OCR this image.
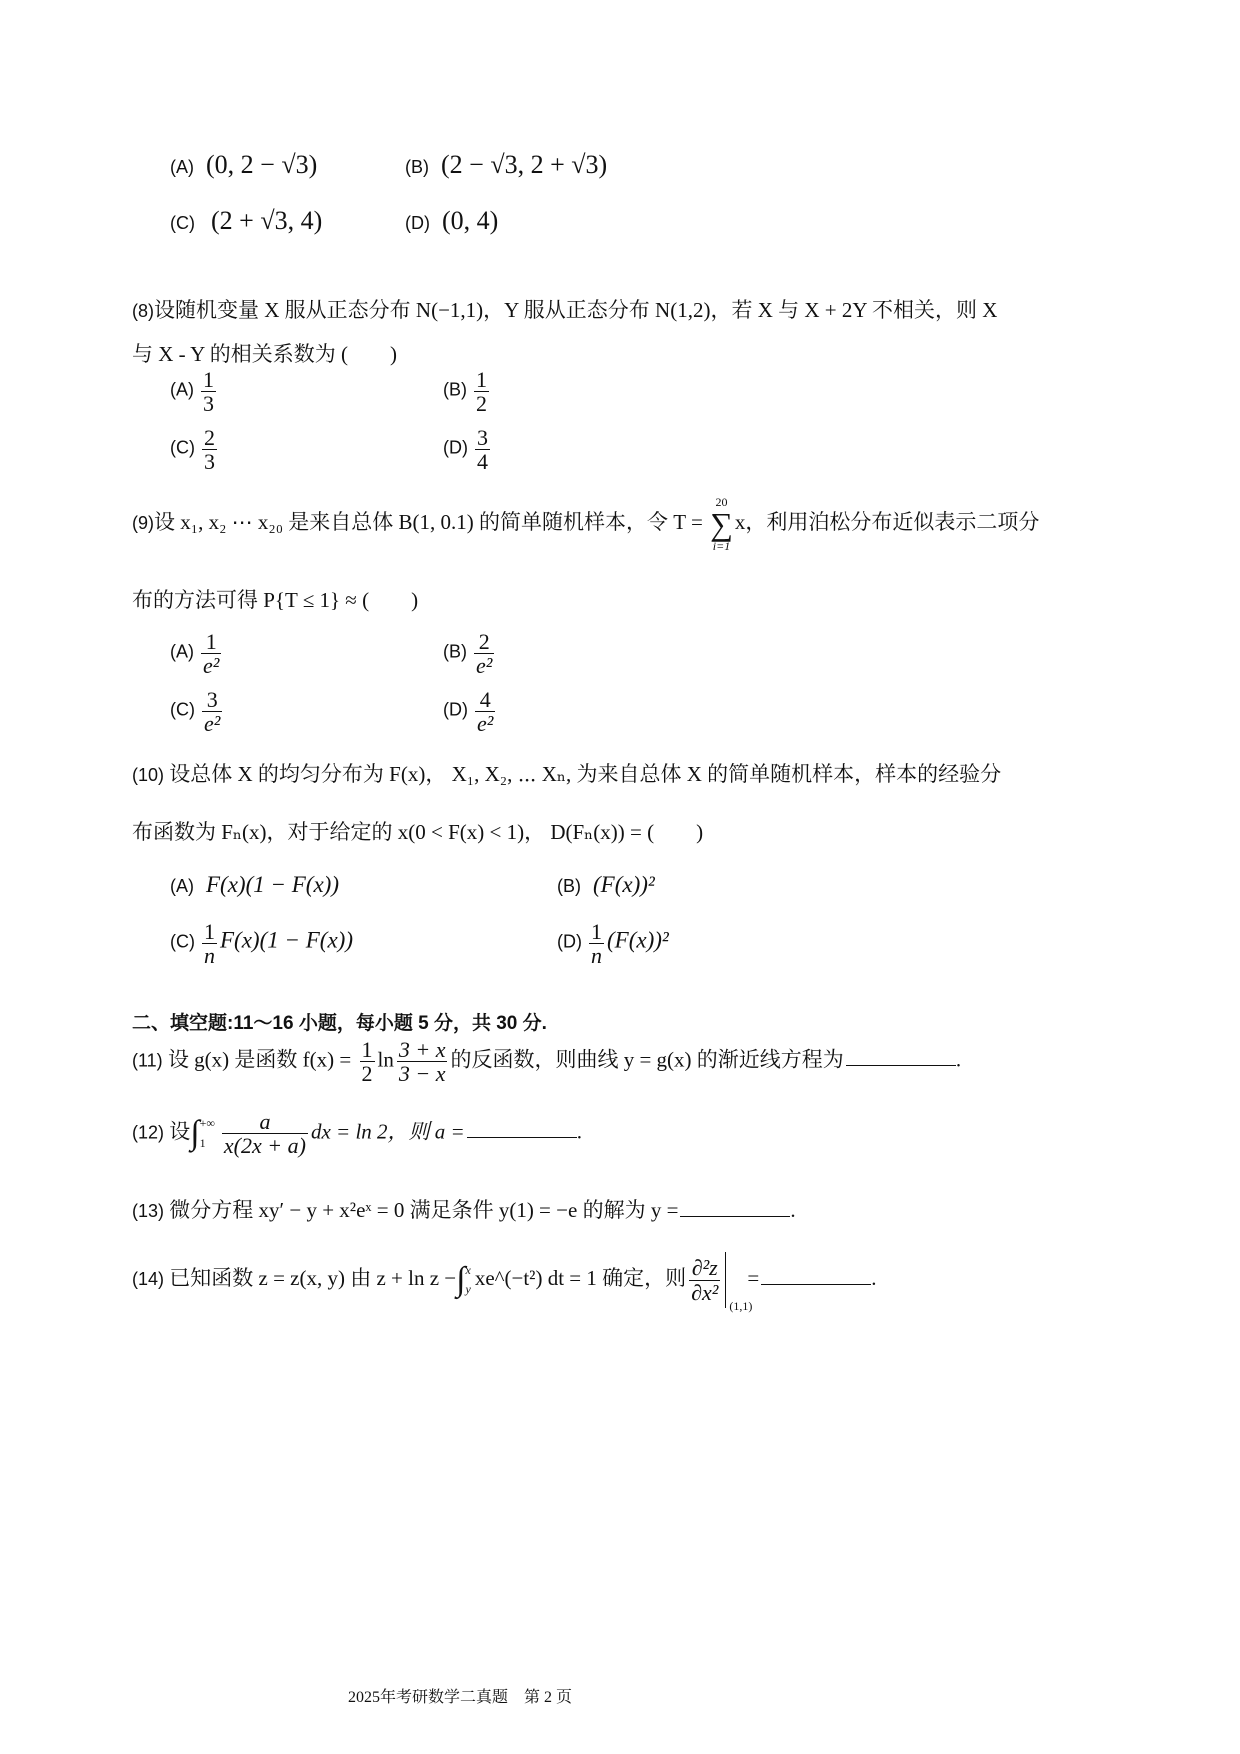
(A) (0, 2 − √3)	(B) (2 − √3, 2 + √3)
(C) (2 + √3, 4)	(D) (0, 4)
(8)设随机变量 X 服从正态分布 N(−1,1)，Y 服从正态分布 N(1,2)，若 X 与 X + 2Y 不相关，则 X
与 X - Y 的相关系数为 (　　)
$(A) \frac{1}{3}$	$(B) \frac{1}{2}$
$(C) \frac{2}{3}$	$(D) \frac{3}{4}$
(9)设 x₁, x₂ ⋯ x₂₀ 是来自总体 B(1, 0.1) 的简单随机样本，令 T =
20
∑
i=1
x，利用泊松分布近似表示二项分
布的方法可得 P{T ≤ 1} ≈ (　　)
$(A) \frac{1}{\text{e²}}$	$(B) \frac{2}{\text{e²}}$
$(C) \frac{3}{\text{e²}}$	$(D) \frac{4}{\text{e²}}$
(10) 设总体 X 的均匀分布为 F(x)， X₁, X₂, ⋯ Xₙ, 为来自总体 X 的简单随机样本，样本的经验分
布函数为 Fₙ(x)，对于给定的 x(0 < F(x) < 1)， D(Fₙ(x)) = (　　)
(A) F(x)(1 − F(x))	(B) (F(x))²
$(C) \frac{1}{n} F(x)(1 - F(x))$	$(D) \frac{1}{n} (F(x))^2$
二、填空题:11～16 小题，每小题 5 分，共 30 分.
(11) 设 g(x) 是函数 $f(x) = \frac{1}{2}$ $\ln \frac{3 + x}{3 - x}$ 的反函数，则曲线 y = g(x) 的渐近线方程为	.
(12) 设∫ +∞
$1 \frac{a}{x(2x + a)}$ dx = ln 2，则 a =	.
(13) 微分方程 xy′ − y + x²eˣ = 0 满足条件 y(1) = −e 的解为 y =	.
(14) 已知函数 z = z(x, y) 由 z + ln z −∫ x
y xe^(−t²) dt = 1 确定，则 $\frac{\text{∂²z}}{\text{∂x²}}$
(1,1)
=	.
2025年考研数学二真题　第 2 页
